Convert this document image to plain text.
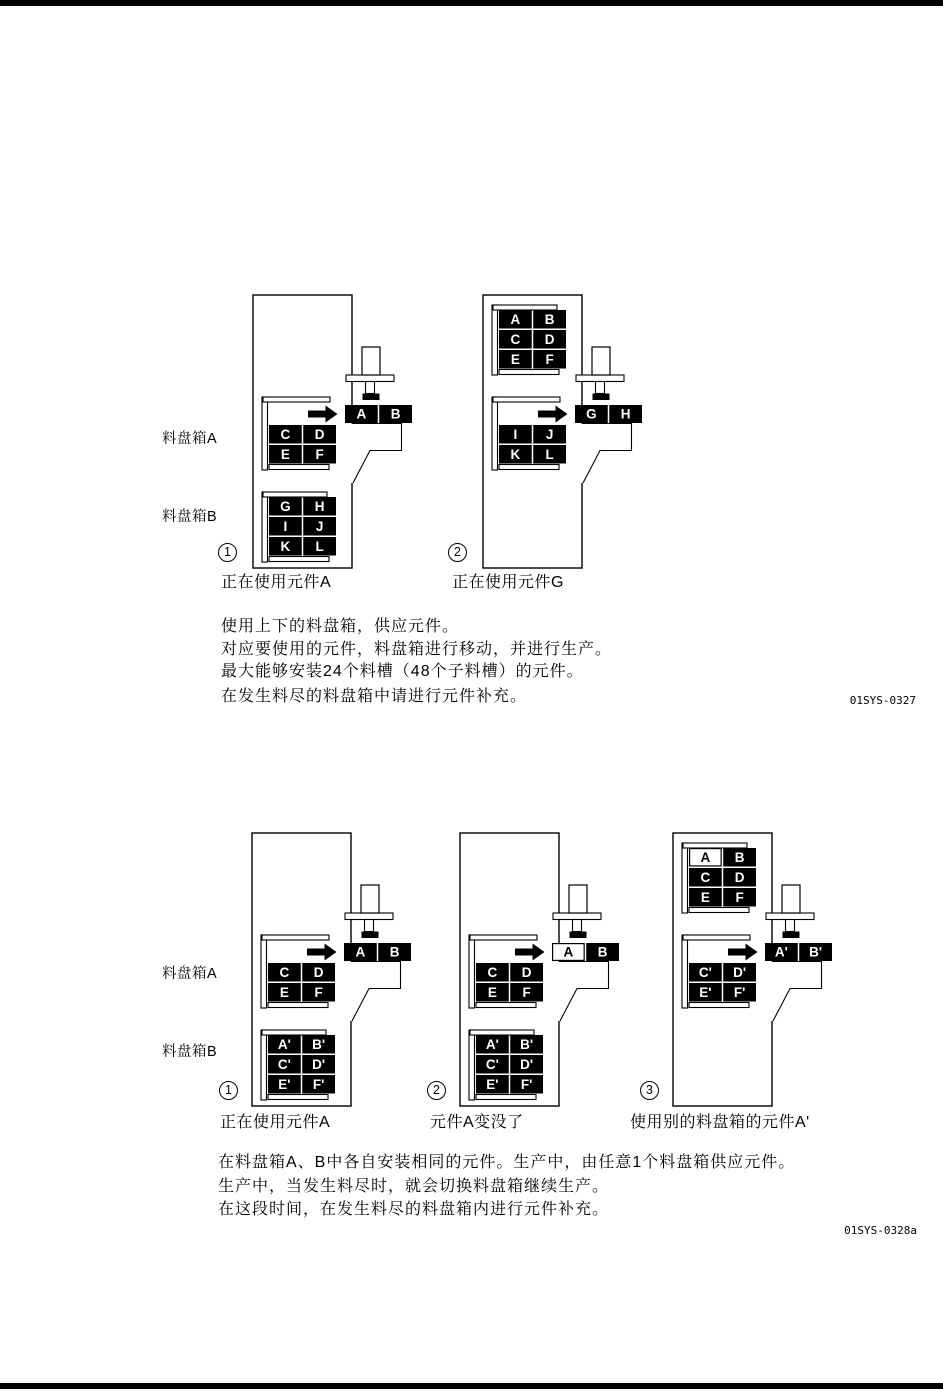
料盘箱A
料盘箱B
C D
E F
A B
G H
I J
K L
A B
C D
E F
I J
K L
G H
1	2
正在使用元件A	正在使用元件G
使用上下的料盘箱，供应元件。
对应要使用的元件，料盘箱进行移动，并进行生产。
最大能够安装24个料槽（48个子料槽）的元件。
在发生料尽的料盘箱中请进行元件补充。	01SYS-0327
料盘箱A
料盘箱B
C D
E F
A B
A' B'
C' D'
E' F'
C D
E F
A B
A' B'
C' D'
E' F'
A B
C D
E F
C' D'
E' F'
A' B'
1	2	3
正在使用元件A	元件A变没了	使用别的料盘箱的元件A'
在料盘箱A、B中各自安装相同的元件。生产中，由任意1个料盘箱供应元件。
生产中，当发生料尽时，就会切换料盘箱继续生产。
在这段时间，在发生料尽的料盘箱内进行元件补充。
01SYS-0328a
